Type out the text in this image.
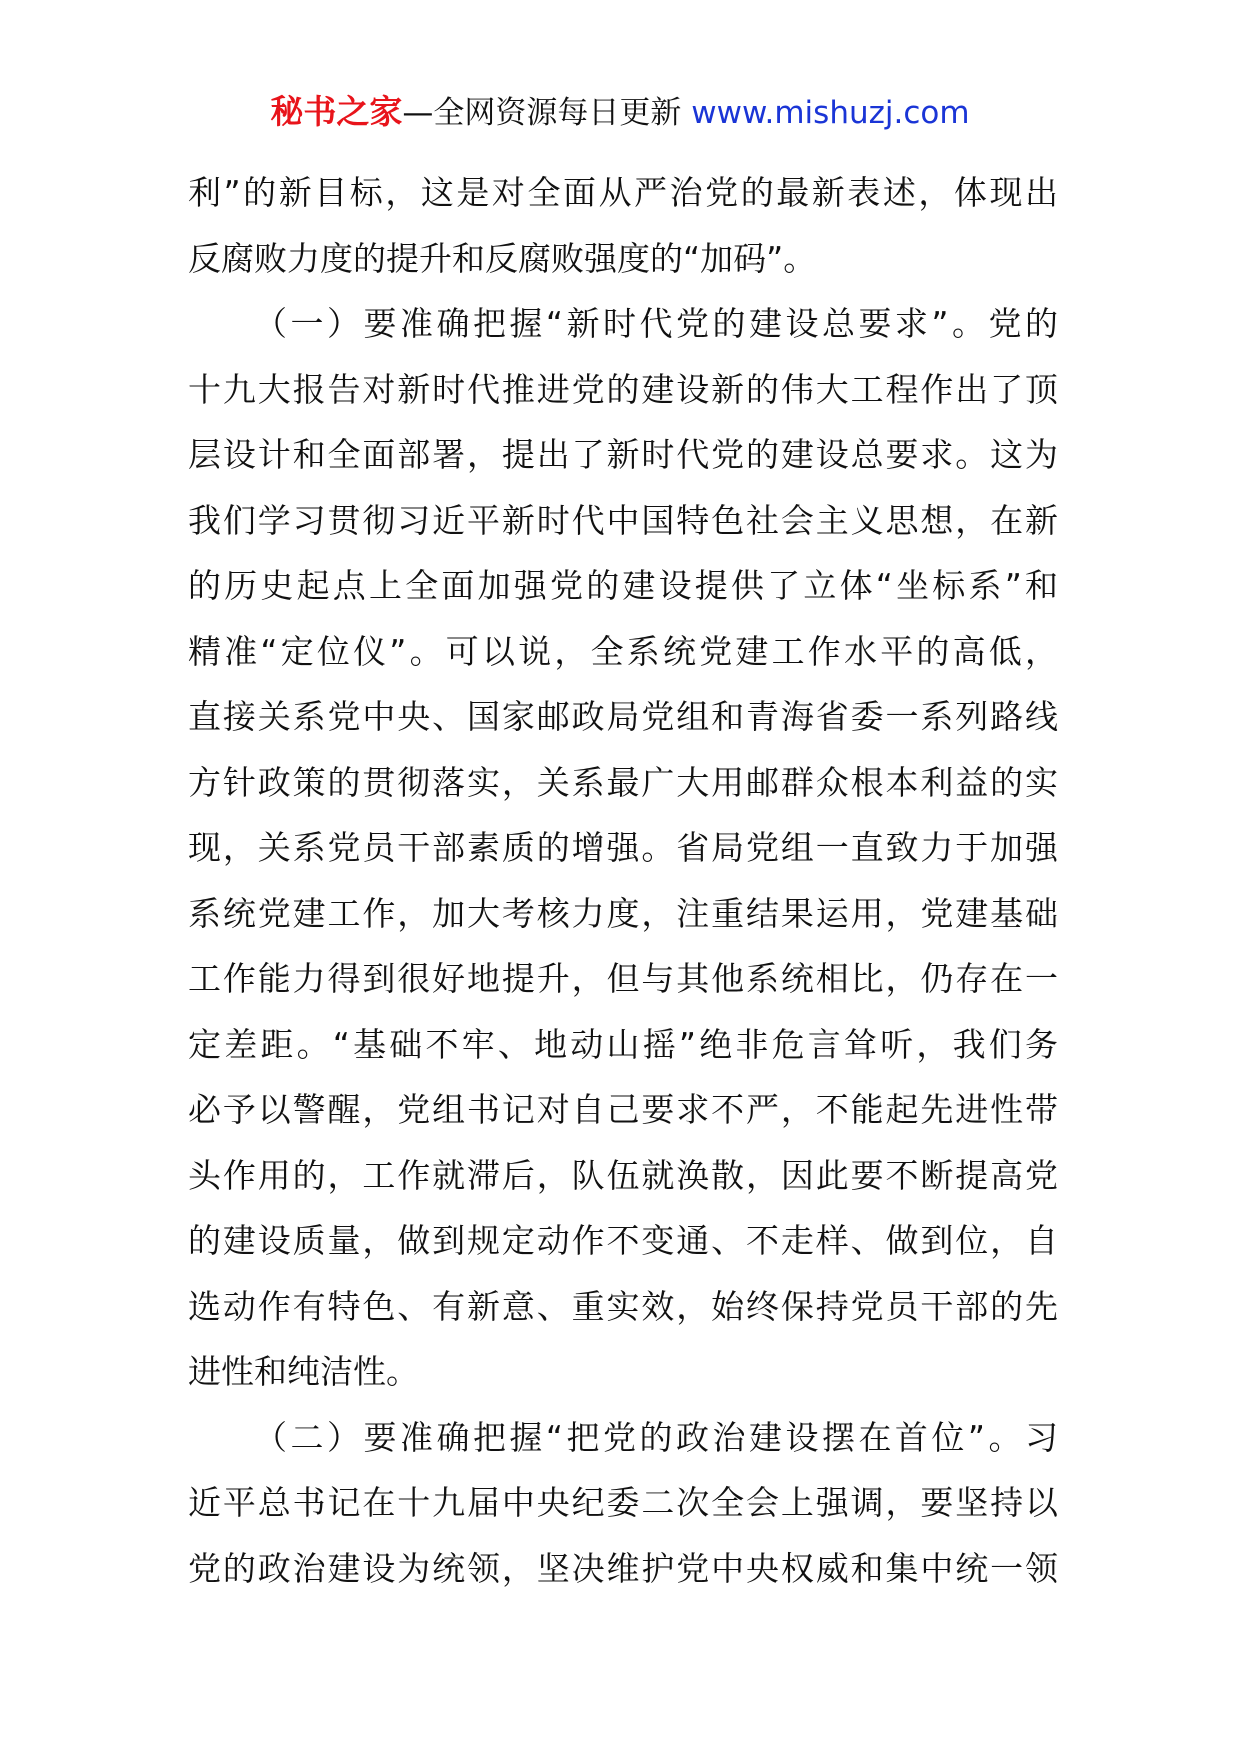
秘书之家—全网资源每日更新 www.mishuzj.com
利”的新目标，这是对全面从严治党的最新表述，体现出
反腐败力度的提升和反腐败强度的“加码”。
（一）要准确把握“新时代党的建设总要求”。党的
十九大报告对新时代推进党的建设新的伟大工程作出了顶
层设计和全面部署，提出了新时代党的建设总要求。这为
我们学习贯彻习近平新时代中国特色社会主义思想，在新
的历史起点上全面加强党的建设提供了立体“坐标系”和
精准“定位仪”。可以说，全系统党建工作水平的高低，
直接关系党中央、国家邮政局党组和青海省委一系列路线
方针政策的贯彻落实，关系最广大用邮群众根本利益的实
现，关系党员干部素质的增强。省局党组一直致力于加强
系统党建工作，加大考核力度，注重结果运用，党建基础
工作能力得到很好地提升，但与其他系统相比，仍存在一
定差距。“基础不牢、地动山摇”绝非危言耸听，我们务
必予以警醒，党组书记对自己要求不严，不能起先进性带
头作用的，工作就滞后，队伍就涣散，因此要不断提高党
的建设质量，做到规定动作不变通、不走样、做到位，自
选动作有特色、有新意、重实效，始终保持党员干部的先
进性和纯洁性。
（二）要准确把握“把党的政治建设摆在首位”。习
近平总书记在十九届中央纪委二次全会上强调，要坚持以
党的政治建设为统领，坚决维护党中央权威和集中统一领
